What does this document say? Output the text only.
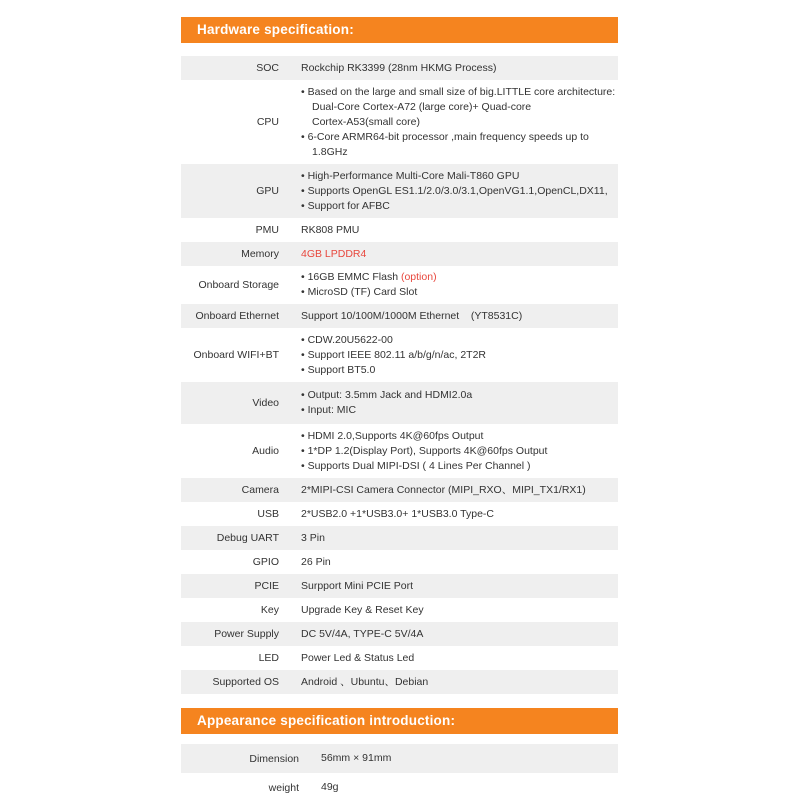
Hardware specification:
SOC	Rockchip RK3399 (28nm HKMG Process)

CPU	• Based on the large and small size of big.LITTLE core architecture:
Dual-Core Cortex-A72 (large core)+ Quad-core
Cortex-A53(small core)
• 6-Core ARMR64-bit processor ,main frequency speeds up to
1.8GHz

GPU	• High-Performance Multi-Core Mali-T860 GPU
• Supports OpenGL ES1.1/2.0/3.0/3.1,OpenVG1.1,OpenCL,DX11,
• Support for AFBC

PMU	RK808 PMU

Memory	4GB LPDDR4

Onboard Storage	• 16GB EMMC Flash (option)
• MicroSD (TF) Card Slot

Onboard Ethernet	Support 10/100M/1000M Ethernet    (YT8531C)

Onboard WIFI+BT	• CDW.20U5622-00
• Support IEEE 802.11 a/b/g/n/ac, 2T2R
• Support BT5.0

Video	• Output: 3.5mm Jack and HDMI2.0a
• Input: MIC

Audio	• HDMI 2.0,Supports 4K@60fps Output
• 1*DP 1.2(Display Port), Supports 4K@60fps Output
• Supports Dual MIPI-DSI ( 4 Lines Per Channel )

Camera	2*MIPI-CSI Camera Connector (MIPI_RXO、MIPI_TX1/RX1)

USB	2*USB2.0 +1*USB3.0+ 1*USB3.0 Type-C

Debug UART	3 Pin

GPIO	26 Pin

PCIE	Surpport Mini PCIE Port

Key	Upgrade Key & Reset Key

Power Supply	DC 5V/4A, TYPE-C 5V/4A

LED	Power Led & Status Led

Supported OS	Android 、Ubuntu、Debian
Appearance specification introduction:
Dimension	56mm × 91mm

weight	49g
